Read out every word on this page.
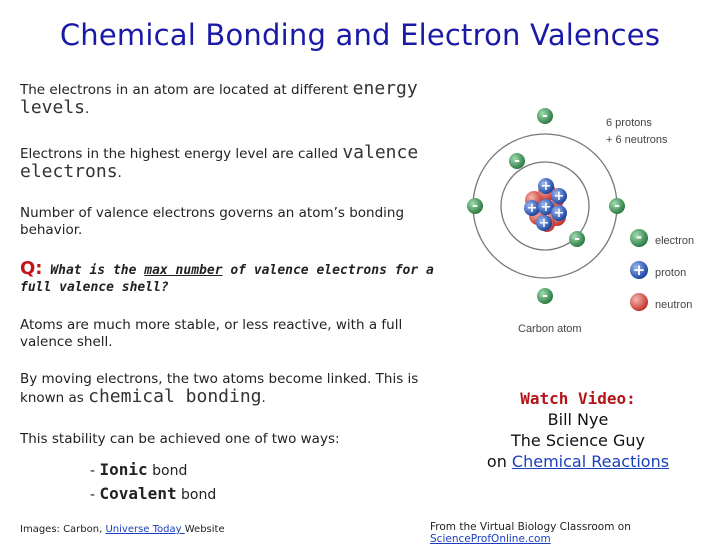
Chemical Bonding and Electron Valences
The electrons in an atom are located at different energy
levels.
Electrons in the highest energy level are called valence
electrons.
Number of valence electrons governs an atom’s bonding behavior.
Q: What is the max number of valence electrons for a full valence shell?
Atoms are much more stable, or less reactive, with a full valence shell.
By moving electrons, the two atoms become linked. This is known as chemical bonding.
This stability can be achieved one of two ways:
- Ionic bond
- Covalent bond
Watch Video:
Bill Nye
The Science Guy
on Chemical Reactions
Images: Carbon, Universe Today Website	From the Virtual Biology Classroom on ScienceProfOnline.com
+
+
+ + +
+
-
-
-	-
-
-
6 protons
+ 6 neutrons
- electron
+ proton
neutron
Carbon atom
